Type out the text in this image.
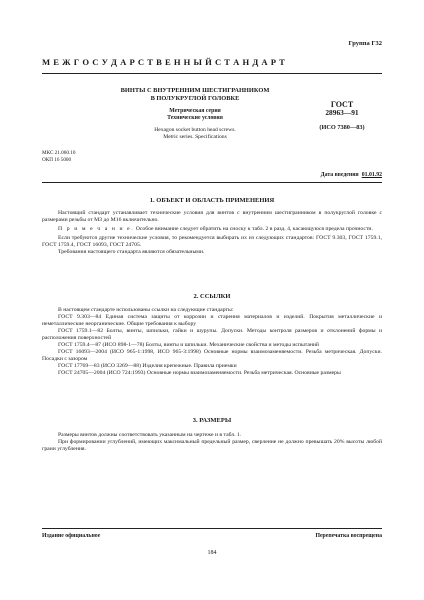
Группа Г32
М Е Ж Г О С У Д А Р С Т В Е Н Н Ы Й С Т А Н Д А Р Т
ВИНТЫ С ВНУТРЕННИМ ШЕСТИГРАННИКОМ
В ПОЛУКРУГЛОЙ ГОЛОВКЕ
Метрическая серия
Технические условия
Hexagon socket button head screws.
Metric series. Specifications
ГОСТ
28963—91
(ИСО 7380—83)
МКС 21.060.10
ОКП 16 5000
Дата введения 01.01.92
1. ОБЪЕКТ И ОБЛАСТЬ ПРИМЕНЕНИЯ

Настоящий стандарт устанавливает технические условия для винтов с внутренним шестигранником в полукруглой головке с размерами резьбы от М3 до М16 включительно.

П р и м е ч а н и е. Особое внимание следует обратить на сноску к табл. 2 в разд. 4, касающуюся предела прочности.

Если требуются другие технические условия, то рекомендуется выбирать их из следующих стандартов: ГОСТ 9.303, ГОСТ 1759.1, ГОСТ 1759.4, ГОСТ 16093, ГОСТ 24705.

Требования настоящего стандарта являются обязательными.

2. ССЫЛКИ

В настоящем стандарте использованы ссылки на следующие стандарты:

ГОСТ 9.303—84 Единая система защиты от коррозии и старения материалов и изделий. Покрытия металлические и неметаллические неорганические. Общие требования к выбору

ГОСТ 1759.1—82 Болты, винты, шпильки, гайки и шурупы. Допуски. Методы контроля размеров и отклонений формы и расположения поверхностей

ГОСТ 1759.4—87 (ИСО 898-1—78) Болты, винты и шпильки. Механические свойства и методы испытаний

ГОСТ 16093—2004 (ИСО 965-1:1998, ИСО 965-3:1998) Основные нормы взаимозаменяемости. Резьба метрическая. Допуски. Посадки с зазором

ГОСТ 17769—83 (ИСО 3269—88) Изделия крепежные. Правила приемки

ГОСТ 24705—2004 (ИСО 724:1993) Основные нормы взаимозаменяемости. Резьба метрическая. Основные размеры

3. РАЗМЕРЫ

Размеры винтов должны соответствовать указанным на чертеже и в табл. 1.

При формировании углублений, имеющих максимальный предельный размер, сверление не должно превышать 20% высоты любой грани углубления.

Издание официальное	Перепечатка воспрещена
184
